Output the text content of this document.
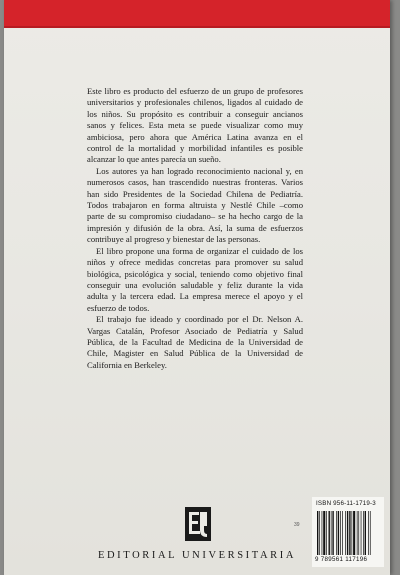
Este libro es producto del esfuerzo de un grupo de profesores universitarios y profesionales chilenos, ligados al cuidado de los niños. Su propósito es contribuir a conseguir ancianos sanos y felices. Esta meta se puede visualizar como muy ambiciosa, pero ahora que América Latina avanza en el control de la mortalidad y morbilidad infantiles es posible alcanzar lo que antes parecía un sueño.

Los autores ya han logrado reconocimiento nacional y, en numerosos casos, han trascendido nuestras fronteras. Varios han sido Presidentes de la Sociedad Chilena de Pediatría. Todos trabajaron en forma altruista y Nestlé Chile –como parte de su compromiso ciudadano– se ha hecho cargo de la impresión y difusión de la obra. Así, la suma de esfuerzos contribuye al progreso y bienestar de las personas.

El libro propone una forma de organizar el cuidado de los niños y ofrece medidas concretas para promover su salud biológica, psicológica y social, teniendo como objetivo final conseguir una evolución saludable y feliz durante la vida adulta y la tercera edad. La empresa merece el apoyo y el esfuerzo de todos.

El trabajo fue ideado y coordinado por el Dr. Nelson A. Vargas Catalán, Profesor Asociado de Pediatría y Salud Pública, de la Facultad de Medicina de la Universidad de Chile, Magister en Salud Pública de la Universidad de California en Berkeley.

39
EDITORIAL UNIVERSITARIA
ISBN 956-11-1719-3
9 789561 117196
